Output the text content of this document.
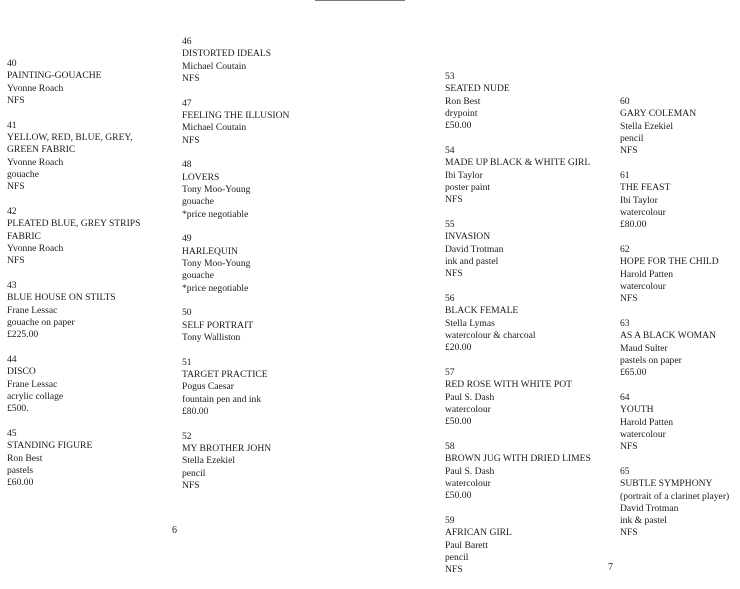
40
PAINTING-GOUACHE
Yvonne Roach
NFS
41
YELLOW, RED, BLUE, GREY,
GREEN FABRIC
Yvonne Roach
gouache
NFS
42
PLEATED BLUE, GREY STRIPS
FABRIC
Yvonne Roach
NFS
43
BLUE HOUSE ON STILTS
Frane Lessac
gouache on paper
£225.00
44
DISCO
Frane Lessac
acrylic collage
£500.
45
STANDING FIGURE
Ron Best
pastels
£60.00
46
DISTORTED IDEALS
Michael Coutain
NFS
47
FEELING THE ILLUSION
Michael Coutain
NFS
48
LOVERS
Tony Moo-Young
gouache
*price negotiable
49
HARLEQUIN
Tony Moo-Young
gouache
*price negotiable
50
SELF PORTRAIT
Tony Walliston
51
TARGET PRACTICE
Pogus Caesar
fountain pen and ink
£80.00
52
MY BROTHER JOHN
Stella Ezekiel
pencil
NFS
53
SEATED NUDE
Ron Best
drypoint
£50.00
54
MADE UP BLACK & WHITE GIRL
Ibi Taylor
poster paint
NFS
55
INVASION
David Trotman
ink and pastel
NFS
56
BLACK FEMALE
Stella Lymas
watercolour & charcoal
£20.00
57
RED ROSE WITH WHITE POT
Paul S. Dash
watercolour
£50.00
58
BROWN JUG WITH DRIED LIMES
Paul S. Dash
watercolour
£50.00
59
AFRICAN GIRL
Paul Barett
pencil
NFS
60
GARY COLEMAN
Stella Ezekiel
pencil
NFS
61
THE FEAST
Ibi Taylor
watercolour
£80.00
62
HOPE FOR THE CHILD
Harold Patten
watercolour
NFS
63
AS A BLACK WOMAN
Maud Sulter
pastels on paper
£65.00
64
YOUTH
Harold Patten
watercolour
NFS
65
SUBTLE SYMPHONY
(portrait of a clarinet player)
David Trotman
ink & pastel
NFS
6
7
